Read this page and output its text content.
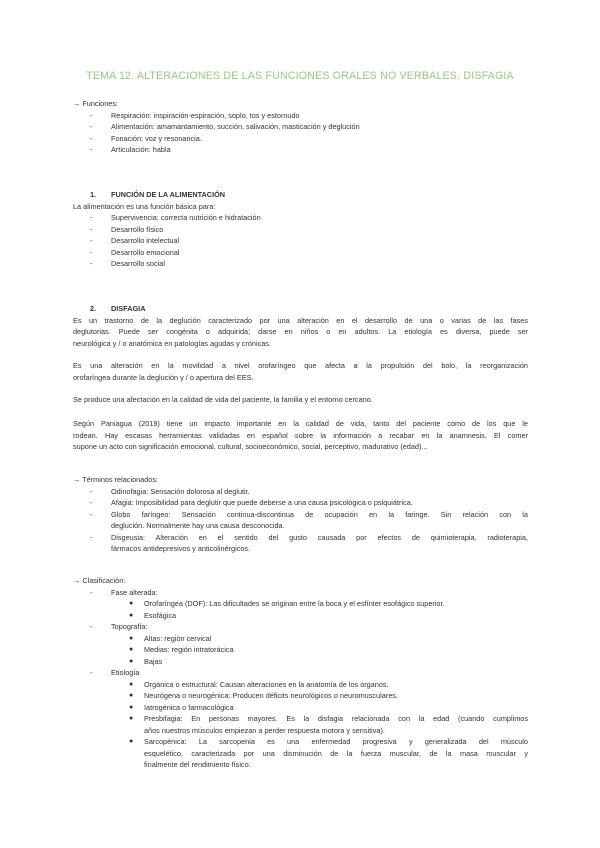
TEMA 12. ALTERACIONES DE LAS FUNCIONES ORALES NO VERBALES. DISFAGIA
→ Funciones:
-	Respiración: inspiración-espiración, soplo, tos y estornudo
-	Alimentación: amamantamiento, succión, salivación, masticación y deglución
-	Fonación: voz y resonancia.
-	Articulación: habla
1. FUNCIÓN DE LA ALIMENTACIÓN
La alimentación es una función básica para:
-	Supervivencia: correcta nutrición e hidratación
-	Desarrollo físico
-	Desarrollo intelectual
-	Desarrollo emocional
-	Desarrollo social
2. DISFAGIA
Es un trastorno de la deglución caracterizado por una alteración en el desarrollo de una o varias de las fases
deglutorias. Puede ser congénita o adquirida; darse en niños o en adultos. La etiología es diversa, puede ser
neurológica y / o anatómica en patologías agudas y crónicas.
Es una alteración en la movilidad a nivel orofaríngeo que afecta a la propulsión del bolo, la reorganización
orofaríngea durante la deglución y / o apertura del EES.
Se produce una afectación en la calidad de vida del paciente, la familia y el entorno cercano.
Según Paniagua (2019) tiene un impacto importante en la calidad de vida, tanto del paciente como de los que le
rodean. Hay escasas herramientas validadas en español sobre la información a recabar en la anamnesis. El comer
supone un acto con significación emocional, cultural, socioeconómico, social, perceptivo, madurativo (edad)...
→ Términos relacionados:
-	Odinofagia: Sensación dolorosa al deglutir.
-	Afagia: Imposibilidad para deglutir que puede deberse a una causa psicológica o psiquiátrica.
-	Globo faríngeo: Sensación continua-discontinua de ocupación en la faringe. Sin relación con la
deglución. Normalmente hay una causa desconocida.
-	Disgeusia: Alteración en el sentido del gusto causada por efectos de quimioterapia, radioterapia,
fármacos antidepresivos y anticolinérgicos.
→ Clasificación:
-	Fase alterada:
● Orofaríngea (DOF): Las dificultades se originan entre la boca y el esfínter esofágico superior.
● Esofágica
-	Topografía:
● Altas: regiòn cervical
● Medias: región intratorácica
● Bajas
-	Etiología
● Orgánica o estructural: Causan alteraciones en la anatomía de los órganos.
● Neurógena o neurogénica: Producen déficits neurológicos o neuromusculares.
● Iatrogénica o farmacológica
● Presbifagia: En personas mayores. Es la disfagia relacionada con la edad (cuando cumplimos
años nuestros músculos empiezan a perder respuesta motora y sensitiva).
● Sarcopénica: La sarcopenia es una enfermedad progresiva y generalizada del músculo
esquelético, caracterizada por una disminución de la fuerza muscular, de la masa muscular y
finalmente del rendimiento físico.
